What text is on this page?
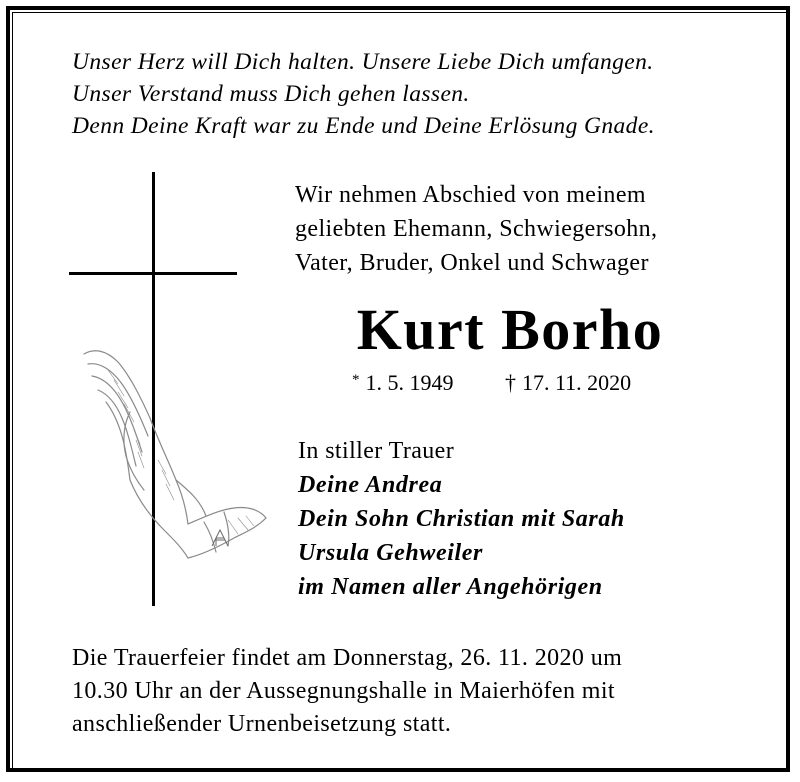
Unser Herz will Dich halten. Unsere Liebe Dich umfangen.
Unser Verstand muss Dich gehen lassen.
Denn Deine Kraft war zu Ende und Deine Erlösung Gnade.
Wir nehmen Abschied von meinem
geliebten Ehemann, Schwiegersohn,
Vater, Bruder, Onkel und Schwager
Kurt Borho
* 1. 5. 1949 † 17. 11. 2020
In stiller Trauer
Deine Andrea
Dein Sohn Christian mit Sarah
Ursula Gehweiler
im Namen aller Angehörigen
Die Trauerfeier findet am Donnerstag, 26. 11. 2020 um
10.30 Uhr an der Aussegnungshalle in Maierhöfen mit
anschließender Urnenbeisetzung statt.
